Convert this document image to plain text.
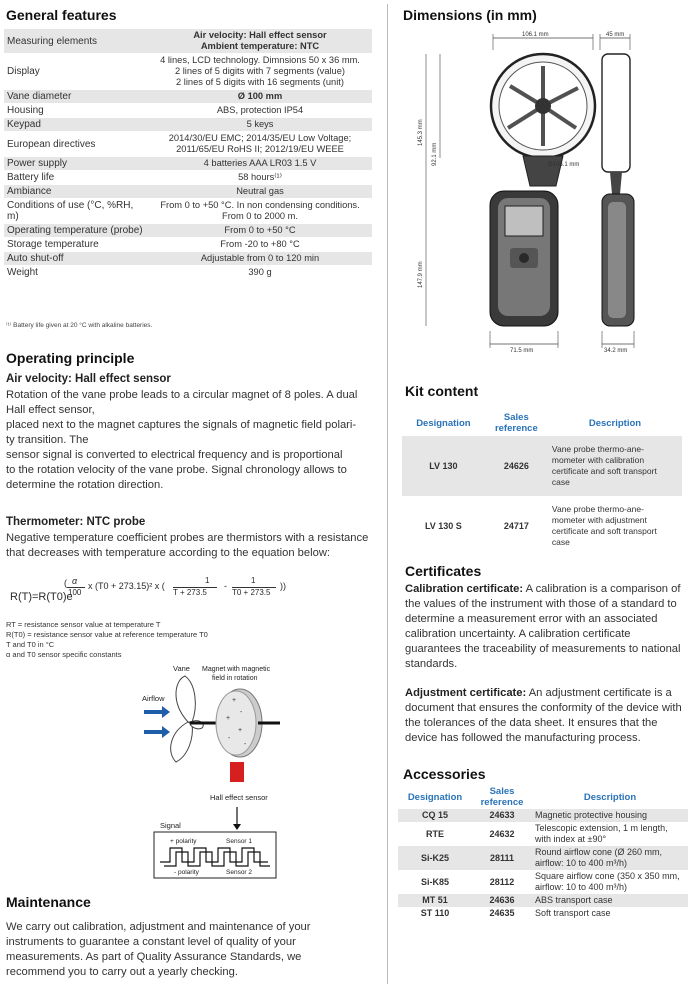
General features
Measuring elements	Air velocity: Hall effect sensor
Ambient temperature: NTC

Display	4 lines, LCD technology. Dimnsions 50 x 36 mm.
2 lines of 5 digits with 7 segments (value)
2 lines of 5 digits with 16 segments (unit)

Vane diameter	Ø 100 mm

Housing	ABS, protection IP54

Keypad	5 keys

European directives	2014/30/EU EMC; 2014/35/EU Low Voltage;
2011/65/EU RoHS II; 2012/19/EU WEEE

Power supply	4 batteries AAA LR03 1.5 V

Battery life	58 hours⁽¹⁾

Ambiance	Neutral gas

Conditions of use (°C, %RH, m)	From 0 to +50 °C. In non condensing conditions.
From 0 to 2000 m.

Operating temperature (probe)	From 0 to +50 °C

Storage temperature	From -20 to +80 °C

Auto shut-off	Adjustable from 0 to 120 min

Weight	390 g
⁽¹⁾ Battery life given at 20 °C with alkaline batteries.
Operating principle
Air velocity: Hall effect sensor
Rotation of the vane probe leads to a circular magnet of 8 poles. A dual
Hall effect sensor,
placed next to the magnet captures the signals of magnetic field polari-
ty transition. The
sensor signal is converted to electrical frequency and is proportional
to the rotation velocity of the vane probe. Signal chronology allows to
determine the rotation direction.
Thermometer: NTC probe
Negative temperature coefficient probes are thermistors with a resistance
that decreases with temperature according to the equation below:
R(T)=R(T0)e
( α
100
x (T0 + 273.15)² x (
1
T + 273.5
-
1
T0 + 273.5
))
RT = resistance sensor value at temperature T
R(T0) = resistance sensor value at reference temperature T0
T and T0 in °C
α and T0 sensor specific constants
Vane Magnet with magnetic field in rotation
Airflow	+
-
+
+
-
-
Hall effect sensor
Signal
+ polarity	Sensor 1
- polarity	Sensor 2
Maintenance
We carry out calibration, adjustment and maintenance of your
instruments to guarantee a constant level of quality of your
measurements. As part of Quality Assurance Standards, we
recommend you to carry out a yearly checking.
Dimensions (in mm)
106.1 mm	45 mm
Ø106.1 mm
145.3 mm
92.1 mm
147.9 mm
71.5 mm	34.2 mm
Kit content
Designation	Sales reference	Description
LV 130	24626	Vane probe thermo-ane-
mometer with calibration
certificate and soft transport
case
LV 130 S	24717	Vane probe thermo-ane-
mometer with adjustment
certificate and soft transport
case
Certificates
Calibration certificate: A calibration is a comparison of the values of the instrument with those of a standard to determine a measurement error with an associated calibration uncertainty. A calibration certificate guarantees the traceability of measurements to national standards.
Adjustment certificate: An adjustment certificate is a document that ensures the conformity of the device with the tolerances of the data sheet. It ensures that the device has followed the manufacturing process.
Accessories
Designation	Sales reference	Description
CQ 15	24633	Magnetic protective housing
RTE	24632	Telescopic extension, 1 m length, with index at ±90°
Si-K25	28111	Round airflow cone (Ø 260 mm, airflow: 10 to 400 m³/h)
Si-K85	28112	Square airflow cone (350 x 350 mm, airflow: 10 to 400 m³/h)
MT 51	24636	ABS transport case
ST 110	24635	Soft transport case
